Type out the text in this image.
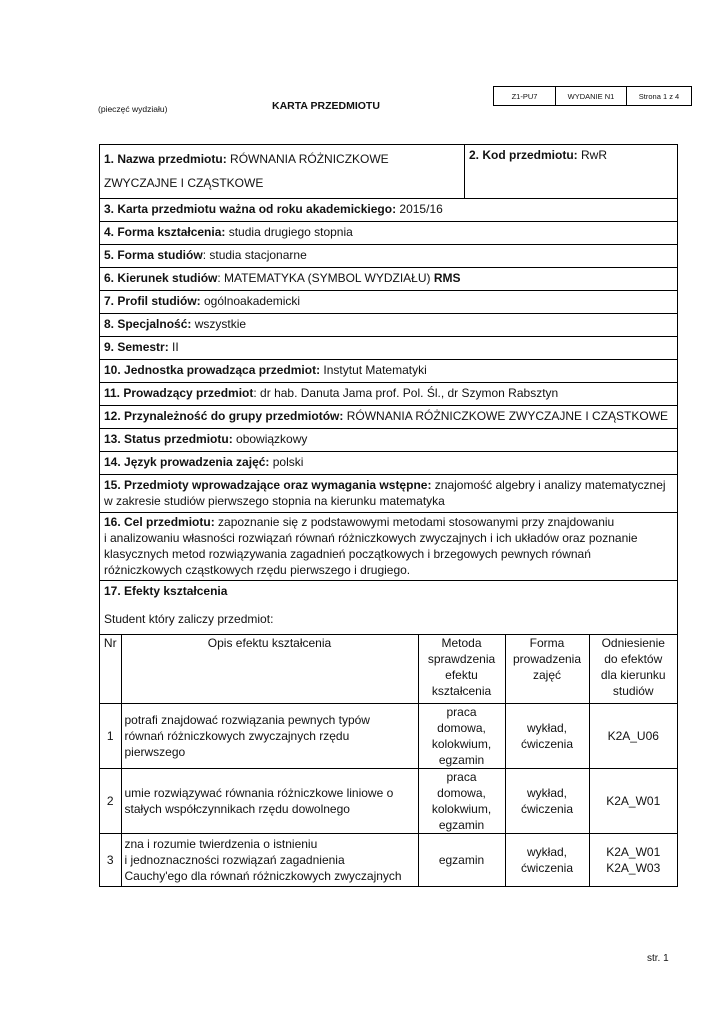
(pieczęć wydziału)	KARTA PRZEDMIOTU
Z1-PU7	WYDANIE N1	Strona 1 z 4
1. Nazwa przedmiotu: RÓWNANIA RÓŻNICZKOWE ZWYCZAJNE I CZĄSTKOWE
2. Kod przedmiotu: RwR
3. Karta przedmiotu ważna od roku akademickiego: 2015/16
4. Forma kształcenia: studia drugiego stopnia
5. Forma studiów: studia stacjonarne
6. Kierunek studiów: MATEMATYKA (SYMBOL WYDZIAŁU) RMS
7. Profil studiów: ogólnoakademicki
8. Specjalność: wszystkie
9. Semestr: II
10. Jednostka prowadząca przedmiot: Instytut Matematyki
11. Prowadzący przedmiot: dr hab. Danuta Jama prof. Pol. Śl., dr Szymon Rabsztyn
12. Przynależność do grupy przedmiotów: RÓWNANIA RÓŻNICZKOWE ZWYCZAJNE I CZĄSTKOWE
13. Status przedmiotu: obowiązkowy
14. Język prowadzenia zajęć: polski
15. Przedmioty wprowadzające oraz wymagania wstępne: znajomość algebry i analizy matematycznej w zakresie studiów pierwszego stopnia na kierunku matematyka
16. Cel przedmiotu: zapoznanie się z podstawowymi metodami stosowanymi przy znajdowaniu
i analizowaniu własności rozwiązań równań różniczkowych zwyczajnych i ich układów oraz poznanie
klasycznych metod rozwiązywania zagadnień początkowych i brzegowych pewnych równań
różniczkowych cząstkowych rzędu pierwszego i drugiego.
17. Efekty kształcenia
Student który zaliczy przedmiot:
Nr	Opis efektu kształcenia	Metoda
sprawdzenia
efektu
kształcenia	Forma
prowadzenia
zajęć	Odniesienie
do efektów
dla kierunku
studiów
1	potrafi znajdować rozwiązania pewnych typów
równań różniczkowych zwyczajnych rzędu
pierwszego	praca
domowa,
kolokwium,
egzamin	wykład,
ćwiczenia	K2A_U06
2	umie rozwiązywać równania różniczkowe liniowe o
stałych współczynnikach rzędu dowolnego	praca
domowa,
kolokwium,
egzamin	wykład,
ćwiczenia	K2A_W01
3	zna i rozumie twierdzenia o istnieniu
i jednoznaczności rozwiązań zagadnienia
Cauchy'ego dla równań różniczkowych zwyczajnych	egzamin	wykład,
ćwiczenia	K2A_W01
K2A_W03
str. 1
